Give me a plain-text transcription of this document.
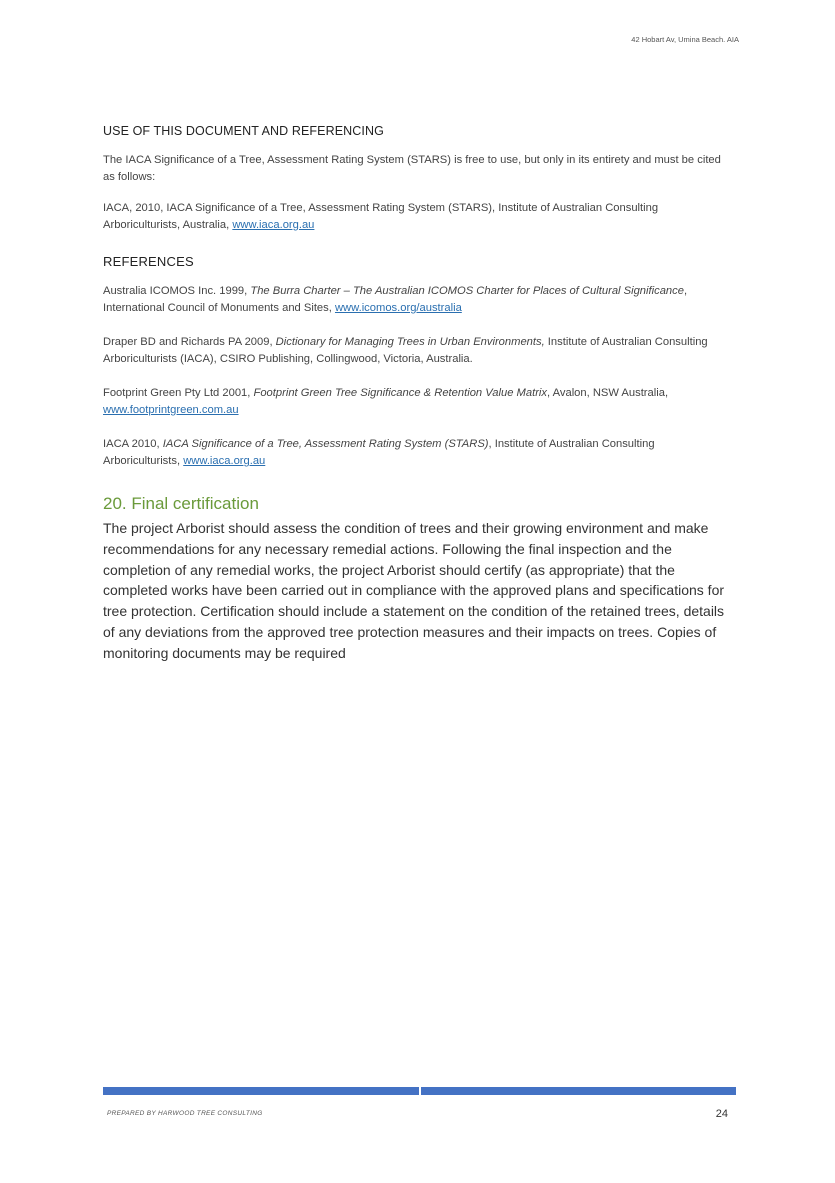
42 Hobart Av, Umina Beach. AIA
USE OF THIS DOCUMENT AND REFERENCING

The IACA Significance of a Tree, Assessment Rating System (STARS) is free to use, but only in its entirety and must be cited as follows:

IACA, 2010, IACA Significance of a Tree, Assessment Rating System (STARS), Institute of Australian Consulting Arboriculturists, Australia, www.iaca.org.au

REFERENCES

Australia ICOMOS Inc. 1999, The Burra Charter – The Australian ICOMOS Charter for Places of Cultural Significance, International Council of Monuments and Sites, www.icomos.org/australia

Draper BD and Richards PA 2009, Dictionary for Managing Trees in Urban Environments, Institute of Australian Consulting Arboriculturists (IACA), CSIRO Publishing, Collingwood, Victoria, Australia.

Footprint Green Pty Ltd 2001, Footprint Green Tree Significance & Retention Value Matrix, Avalon, NSW Australia, www.footprintgreen.com.au

IACA 2010, IACA Significance of a Tree, Assessment Rating System (STARS), Institute of Australian Consulting Arboriculturists, www.iaca.org.au

20. Final certification

The project Arborist should assess the condition of trees and their growing environment and make recommendations for any necessary remedial actions. Following the final inspection and the completion of any remedial works, the project Arborist should certify (as appropriate) that the completed works have been carried out in compliance with the approved plans and specifications for tree protection. Certification should include a statement on the condition of the retained trees, details of any deviations from the approved tree protection measures and their impacts on trees. Copies of monitoring documents may be required

PREPARED BY HARWOOD TREE CONSULTING	24
